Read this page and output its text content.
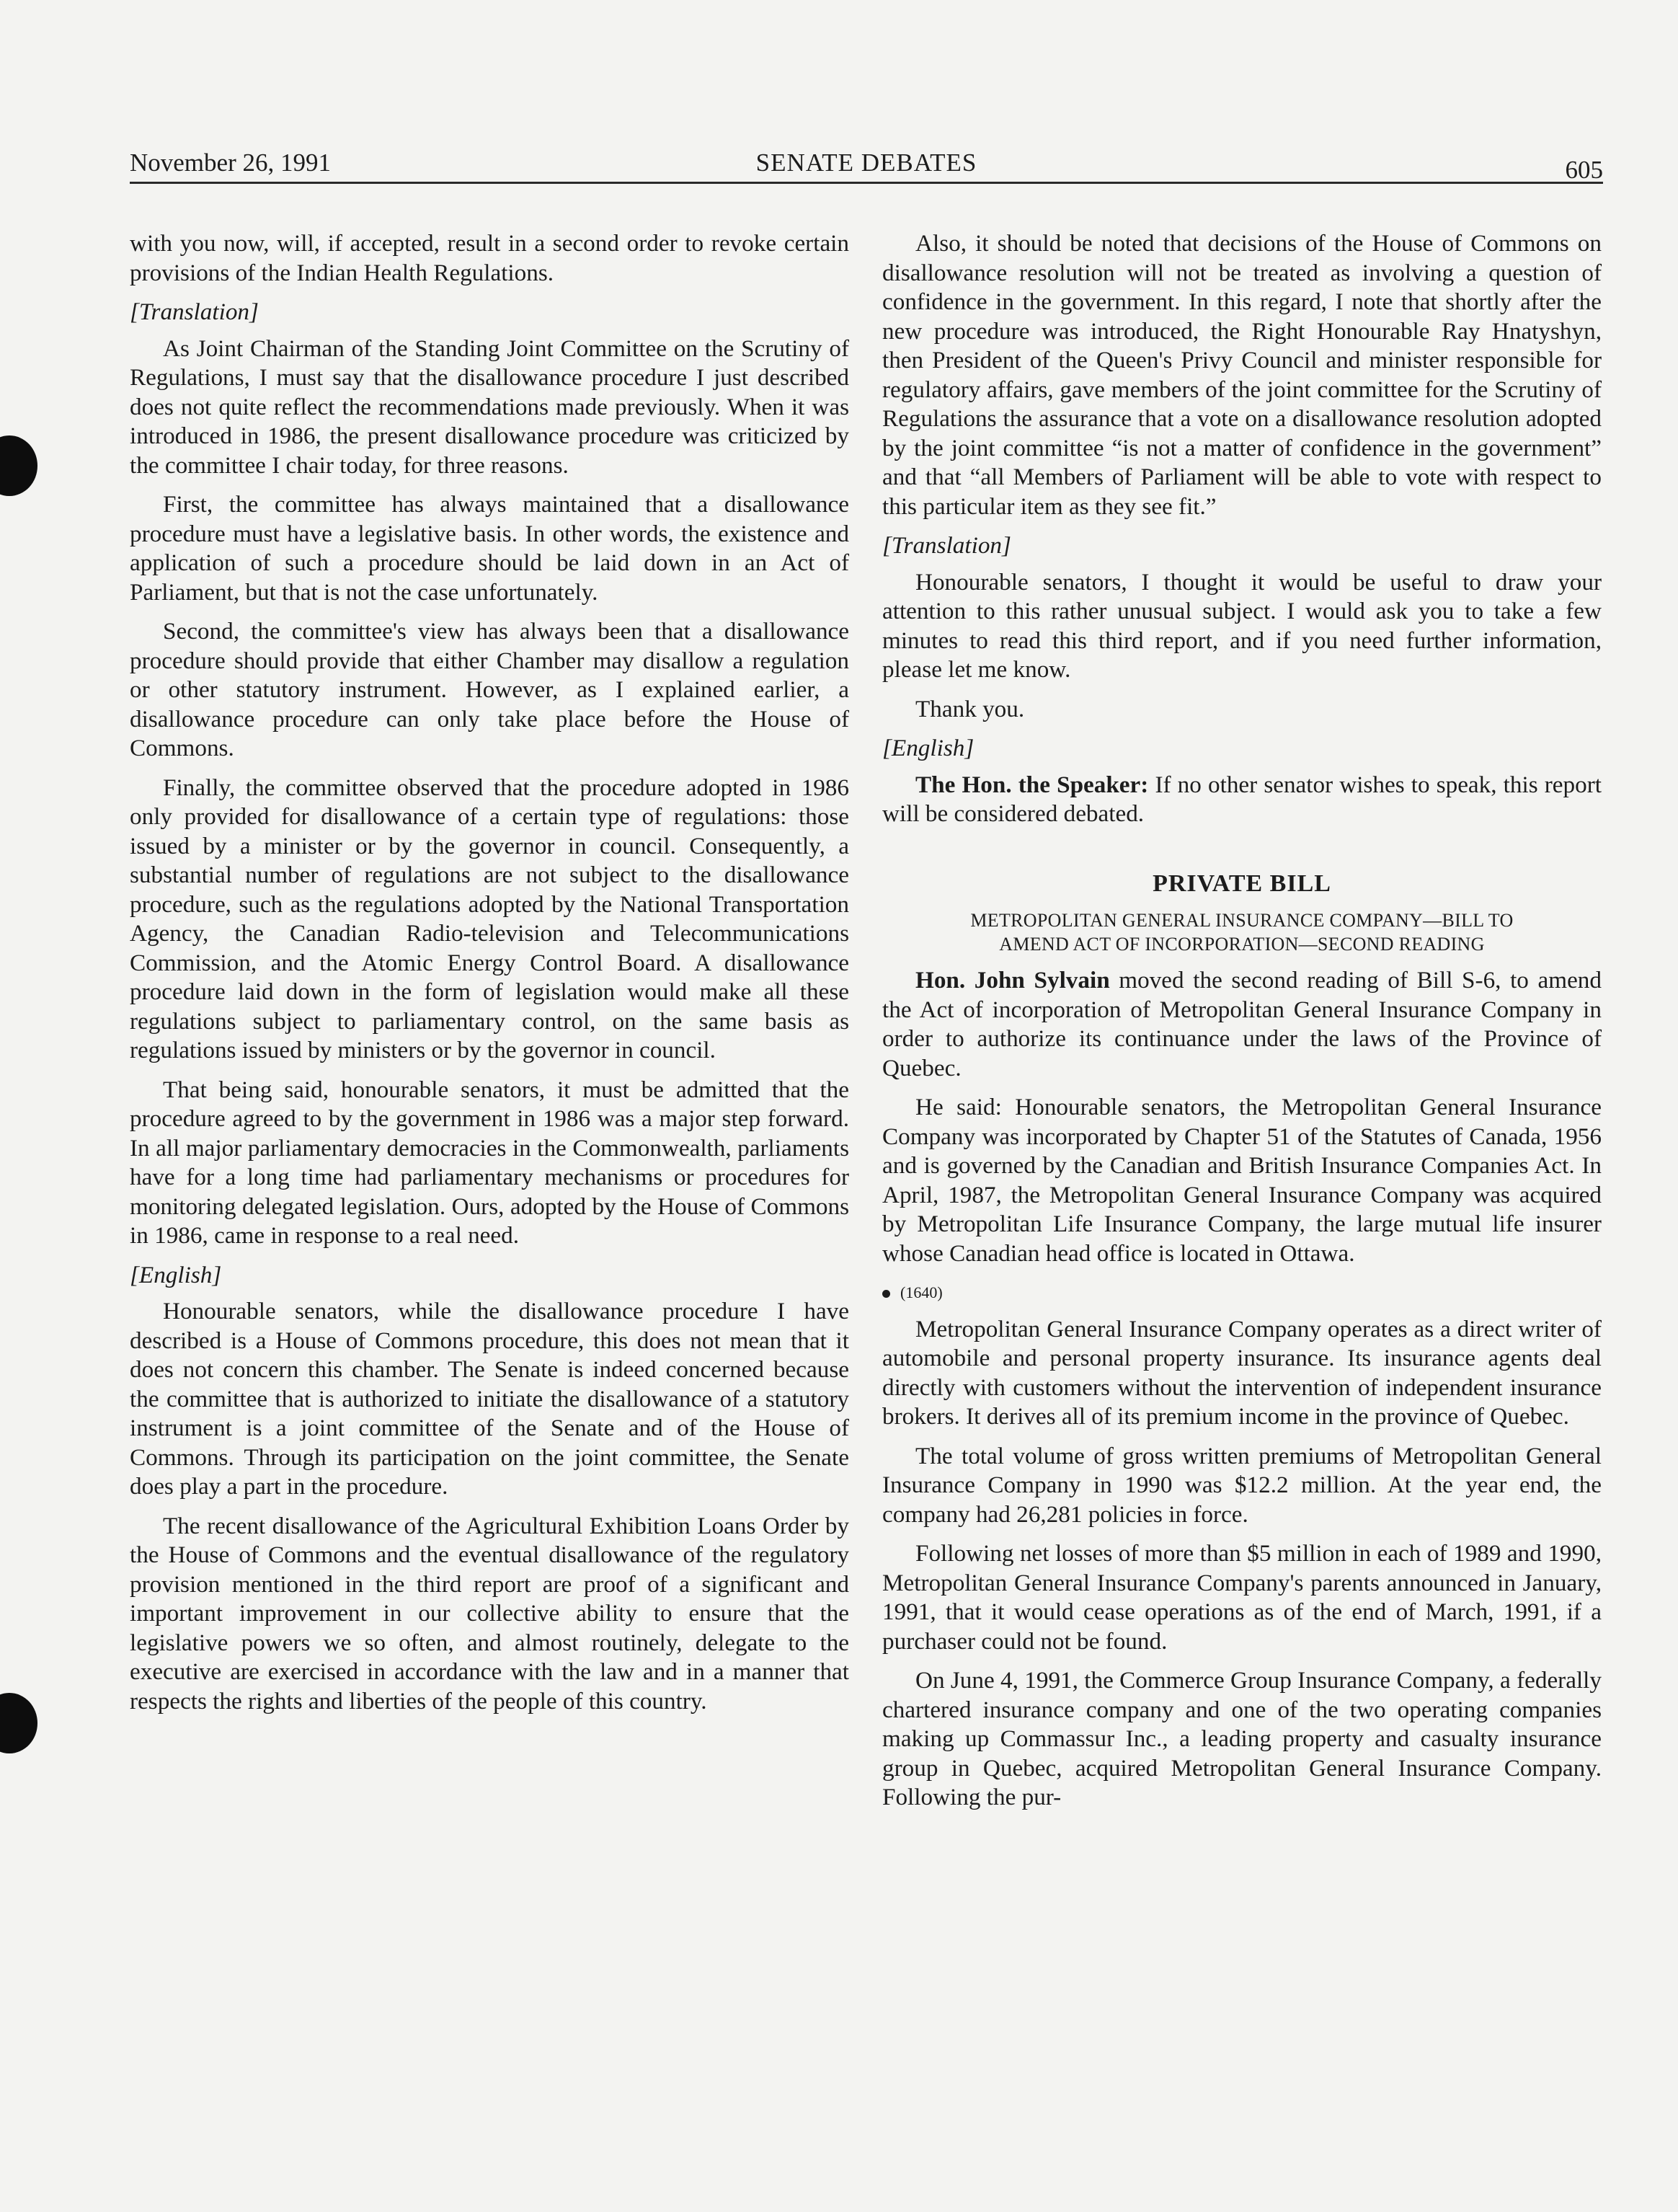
November 26, 1991	SENATE DEBATES	605

with you now, will, if accepted, result in a second order to revoke certain provisions of the Indian Health Regulations.

[Translation]

As Joint Chairman of the Standing Joint Committee on the Scrutiny of Regulations, I must say that the disallowance procedure I just described does not quite reflect the recommendations made previously. When it was introduced in 1986, the present disallowance procedure was criticized by the committee I chair today, for three reasons.

First, the committee has always maintained that a disallowance procedure must have a legislative basis. In other words, the existence and application of such a procedure should be laid down in an Act of Parliament, but that is not the case unfortunately.

Second, the committee's view has always been that a disallowance procedure should provide that either Chamber may disallow a regulation or other statutory instrument. However, as I explained earlier, a disallowance procedure can only take place before the House of Commons.

Finally, the committee observed that the procedure adopted in 1986 only provided for disallowance of a certain type of regulations: those issued by a minister or by the governor in council. Consequently, a substantial number of regulations are not subject to the disallowance procedure, such as the regulations adopted by the National Transportation Agency, the Canadian Radio-television and Telecommunications Commission, and the Atomic Energy Control Board. A disallowance procedure laid down in the form of legislation would make all these regulations subject to parliamentary control, on the same basis as regulations issued by ministers or by the governor in council.

That being said, honourable senators, it must be admitted that the procedure agreed to by the government in 1986 was a major step forward. In all major parliamentary democracies in the Commonwealth, parliaments have for a long time had parliamentary mechanisms or procedures for monitoring delegated legislation. Ours, adopted by the House of Commons in 1986, came in response to a real need.

[English]

Honourable senators, while the disallowance procedure I have described is a House of Commons procedure, this does not mean that it does not concern this chamber. The Senate is indeed concerned because the committee that is authorized to initiate the disallowance of a statutory instrument is a joint committee of the Senate and of the House of Commons. Through its participation on the joint committee, the Senate does play a part in the procedure.

The recent disallowance of the Agricultural Exhibition Loans Order by the House of Commons and the eventual disallowance of the regulatory provision mentioned in the third report are proof of a significant and important improvement in our collective ability to ensure that the legislative powers we so often, and almost routinely, delegate to the executive are exercised in accordance with the law and in a manner that respects the rights and liberties of the people of this country.

Also, it should be noted that decisions of the House of Commons on disallowance resolution will not be treated as involving a question of confidence in the government. In this regard, I note that shortly after the new procedure was introduced, the Right Honourable Ray Hnatyshyn, then President of the Queen's Privy Council and minister responsible for regulatory affairs, gave members of the joint committee for the Scrutiny of Regulations the assurance that a vote on a disallowance resolution adopted by the joint committee “is not a matter of confidence in the government” and that “all Members of Parliament will be able to vote with respect to this particular item as they see fit.”

[Translation]

Honourable senators, I thought it would be useful to draw your attention to this rather unusual subject. I would ask you to take a few minutes to read this third report, and if you need further information, please let me know.

Thank you.

[English]

The Hon. the Speaker: If no other senator wishes to speak, this report will be considered debated.

PRIVATE BILL
METROPOLITAN GENERAL INSURANCE COMPANY—BILL TO
AMEND ACT OF INCORPORATION—SECOND READING

Hon. John Sylvain moved the second reading of Bill S-6, to amend the Act of incorporation of Metropolitan General Insurance Company in order to authorize its continuance under the laws of the Province of Quebec.

He said: Honourable senators, the Metropolitan General Insurance Company was incorporated by Chapter 51 of the Statutes of Canada, 1956 and is governed by the Canadian and British Insurance Companies Act. In April, 1987, the Metropolitan General Insurance Company was acquired by Metropolitan Life Insurance Company, the large mutual life insurer whose Canadian head office is located in Ottawa.

(1640)

Metropolitan General Insurance Company operates as a direct writer of automobile and personal property insurance. Its insurance agents deal directly with customers without the intervention of independent insurance brokers. It derives all of its premium income in the province of Quebec.

The total volume of gross written premiums of Metropolitan General Insurance Company in 1990 was $12.2 million. At the year end, the company had 26,281 policies in force.

Following net losses of more than $5 million in each of 1989 and 1990, Metropolitan General Insurance Company's parents announced in January, 1991, that it would cease operations as of the end of March, 1991, if a purchaser could not be found.

On June 4, 1991, the Commerce Group Insurance Company, a federally chartered insurance company and one of the two operating companies making up Commassur Inc., a leading property and casualty insurance group in Quebec, acquired Metropolitan General Insurance Company. Following the pur-
